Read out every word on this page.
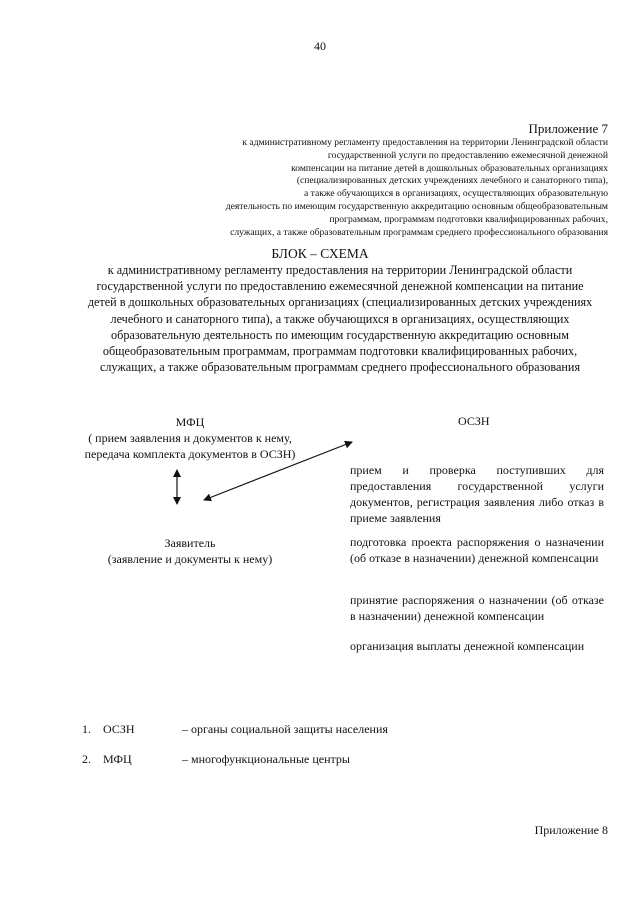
40
Приложение 7
к административному регламенту предоставления на территории Ленинградской области
государственной услуги по предоставлению ежемесячной денежной
компенсации на питание детей в дошкольных образовательных организациях
(специализированных детских учреждениях лечебного и санаторного типа),
а также обучающихся в организациях, осуществляющих образовательную
деятельность по имеющим государственную аккредитацию основным общеобразовательным
программам, программам подготовки квалифицированных рабочих,
служащих, а также образовательным программам среднего профессионального образования
БЛОК – СХЕМА
к административному регламенту предоставления на территории Ленинградской области
государственной услуги по предоставлению ежемесячной денежной компенсации на питание
детей в дошкольных образовательных организациях (специализированных детских учреждениях
лечебного и санаторного типа), а также обучающихся в организациях, осуществляющих
образовательную деятельность по имеющим государственную аккредитацию основным
общеобразовательным программам, программам подготовки квалифицированных рабочих,
служащих, а также образовательным программам среднего профессионального образования
МФЦ
( прием заявления и документов к нему,
передача комплекта документов в ОСЗН)
Заявитель
(заявление и документы к нему)
ОСЗН
прием и проверка поступивших для предоставления государственной услуги документов, регистрация заявления либо отказ в приеме заявления
подготовка проекта распоряжения о назначении (об отказе в назначении) денежной компенсации
принятие распоряжения о назначении (об отказе в назначении) денежной компенсации
организация выплаты денежной компенсации
1. ОСЗН	– органы социальной защиты населения
2. МФЦ	– многофункциональные центры
Приложение 8
